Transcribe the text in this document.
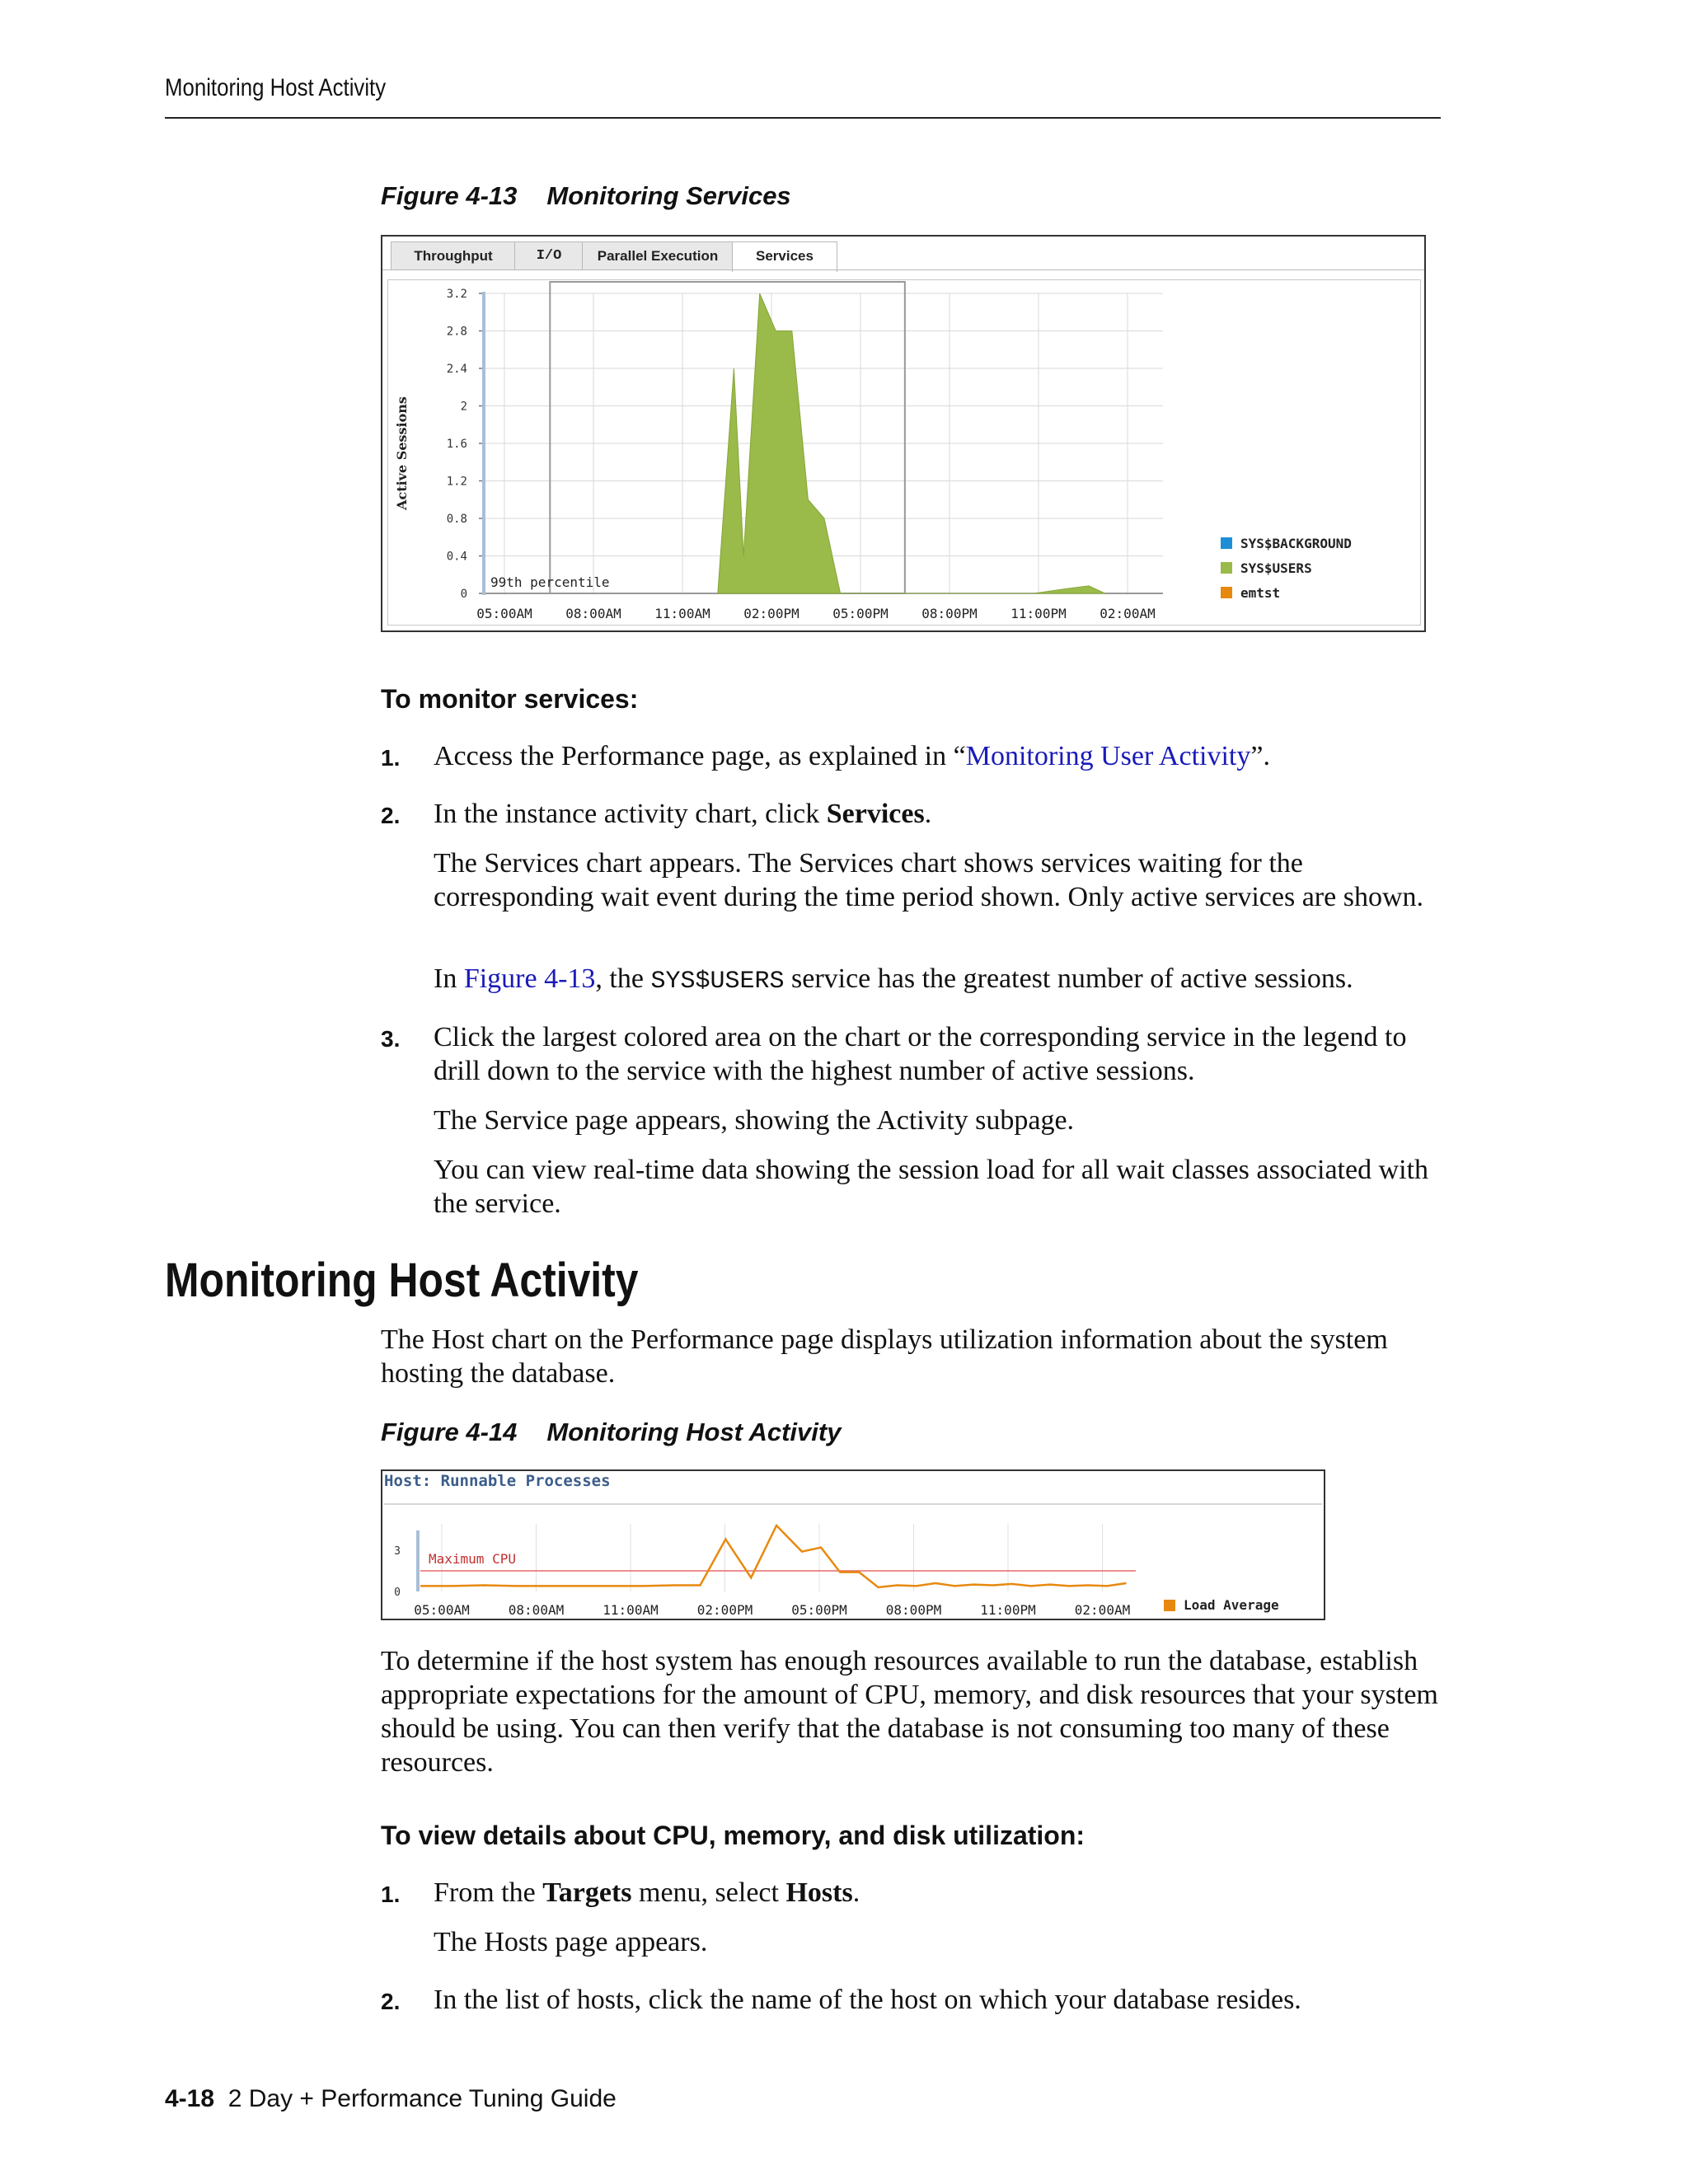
Monitoring Host Activity
Figure 4-13 Monitoring Services
Throughput	I/O	Parallel Execution	Services
Active Sessions
0
0.4
0.8
1.2
1.6
2
2.4
2.8
3.2
05:00AM	08:00AM	11:00AM	02:00PM	05:00PM	08:00PM	11:00PM	02:00AM
99th percentile
SYS$BACKGROUND
SYS$USERS
emtst
To monitor services:
1. Access the Performance page, as explained in “Monitoring User Activity”.
2. In the instance activity chart, click Services.
The Services chart appears. The Services chart shows services waiting for the corresponding wait event during the time period shown. Only active services are shown.
In Figure 4-13, the SYS$USERS service has the greatest number of active sessions.
3. Click the largest colored area on the chart or the corresponding service in the legend to drill down to the service with the highest number of active sessions.
The Service page appears, showing the Activity subpage.
You can view real-time data showing the session load for all wait classes associated with the service.
Monitoring Host Activity
The Host chart on the Performance page displays utilization information about the system hosting the database.
Figure 4-14 Monitoring Host Activity
Host: Runnable Processes
05:00AM	08:00AM	11:00AM	02:00PM	05:00PM	08:00PM	11:00PM	02:00AM
0
3 Maximum CPU
Load Average
To determine if the host system has enough resources available to run the database, establish appropriate expectations for the amount of CPU, memory, and disk resources that your system should be using. You can then verify that the database is not consuming too many of these resources.
To view details about CPU, memory, and disk utilization:
1. From the Targets menu, select Hosts.
The Hosts page appears.
2. In the list of hosts, click the name of the host on which your database resides.
4-18 2 Day + Performance Tuning Guide
